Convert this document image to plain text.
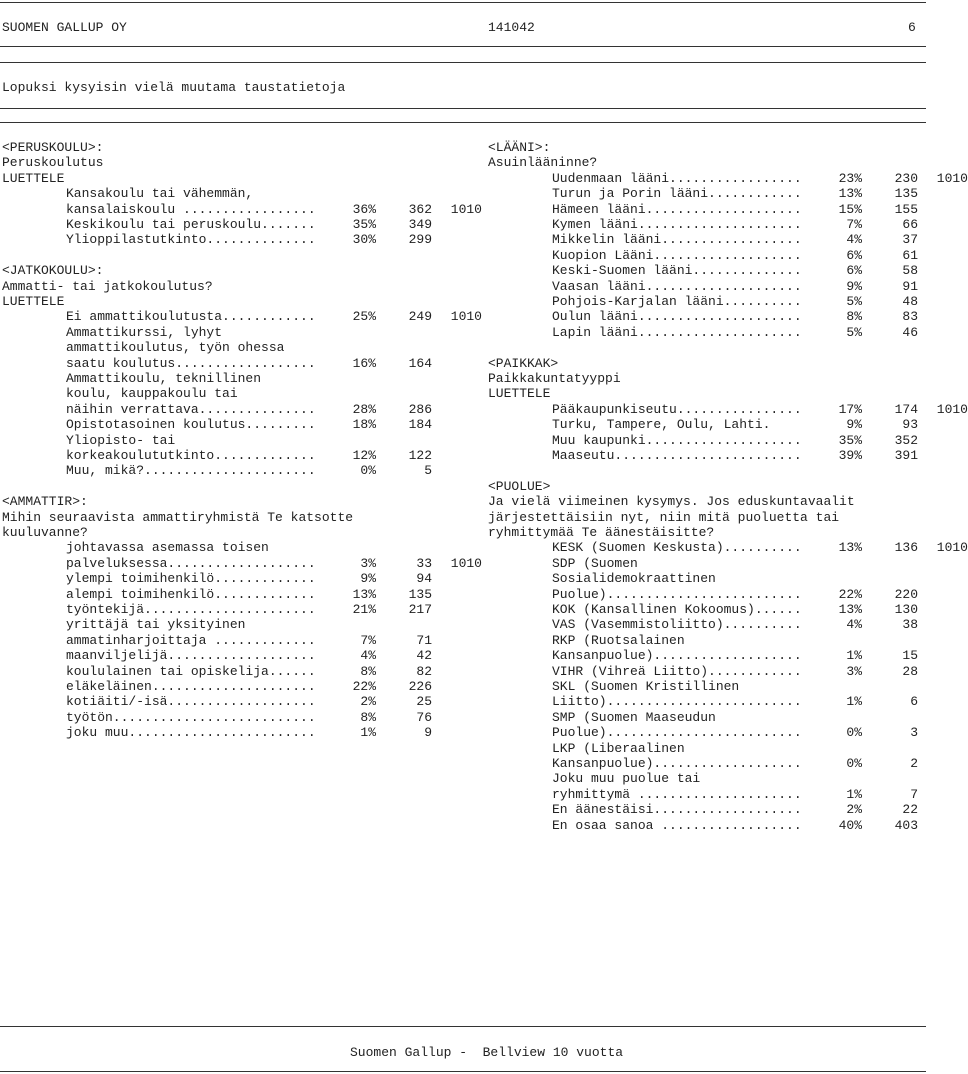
SUOMEN GALLUP OY	141042	6
Lopuksi kysyisin vielä muutama taustatietoja
<PERUSKOULU>:
Peruskoulutus
LUETTELE
Kansakoulu tai vähemmän,
kansalaiskoulu .................	36%	362	1010
Keskikoulu tai peruskoulu.......	35%	349
Ylioppilastutkinto..............	30%	299
<JATKOKOULU>:
Ammatti- tai jatkokoulutus?
LUETTELE
Ei ammattikoulutusta............	25%	249	1010
Ammattikurssi, lyhyt
ammattikoulutus, työn ohessa
saatu koulutus..................	16%	164
Ammattikoulu, teknillinen
koulu, kauppakoulu tai
näihin verrattava...............	28%	286
Opistotasoinen koulutus.........	18%	184
Yliopisto- tai
korkeakoulututkinto.............	12%	122
Muu, mikä?......................	0%	5
<AMMATTIR>:
Mihin seuraavista ammattiryhmistä Te katsotte
kuuluvanne?
johtavassa asemassa toisen
palveluksessa...................	3%	33	1010
ylempi toimihenkilö.............	9%	94
alempi toimihenkilö.............	13%	135
työntekijä......................	21%	217
yrittäjä tai yksityinen
ammatinharjoittaja .............	7%	71
maanviljelijä...................	4%	42
koululainen tai opiskelija......	8%	82
eläkeläinen.....................	22%	226
kotiäiti/-isä...................	2%	25
työtön..........................	8%	76
joku muu........................	1%	9
<LÄÄNI>:
Asuinlääninne?
Uudenmaan lääni.................	23%	230	1010
Turun ja Porin lääni............	13%	135
Hämeen lääni....................	15%	155
Kymen lääni.....................	7%	66
Mikkelin lääni..................	4%	37
Kuopion Lääni...................	6%	61
Keski-Suomen lääni..............	6%	58
Vaasan lääni....................	9%	91
Pohjois-Karjalan lääni..........	5%	48
Oulun lääni.....................	8%	83
Lapin lääni.....................	5%	46
<PAIKKAK>
Paikkakuntatyyppi
LUETTELE
Pääkaupunkiseutu................	17%	174	1010
Turku, Tampere, Oulu, Lahti.	9%	93
Muu kaupunki....................	35%	352
Maaseutu........................	39%	391
<PUOLUE>
Ja vielä viimeinen kysymys. Jos eduskuntavaalit
järjestettäisiin nyt, niin mitä puoluetta tai
ryhmittymää Te äänestäisitte?
KESK (Suomen Keskusta)..........	13%	136	1010
SDP (Suomen
Sosialidemokraattinen
Puolue).........................	22%	220
KOK (Kansallinen Kokoomus)......	13%	130
VAS (Vasemmistoliitto)..........	4%	38
RKP (Ruotsalainen
Kansanpuolue)...................	1%	15
VIHR (Vihreä Liitto)............	3%	28
SKL (Suomen Kristillinen
Liitto).........................	1%	6
SMP (Suomen Maaseudun
Puolue).........................	0%	3
LKP (Liberaalinen
Kansanpuolue)...................	0%	2
Joku muu puolue tai
ryhmittymä .....................	1%	7
En äänestäisi...................	2%	22
En osaa sanoa ..................	40%	403
Suomen Gallup -  Bellview 10 vuotta
